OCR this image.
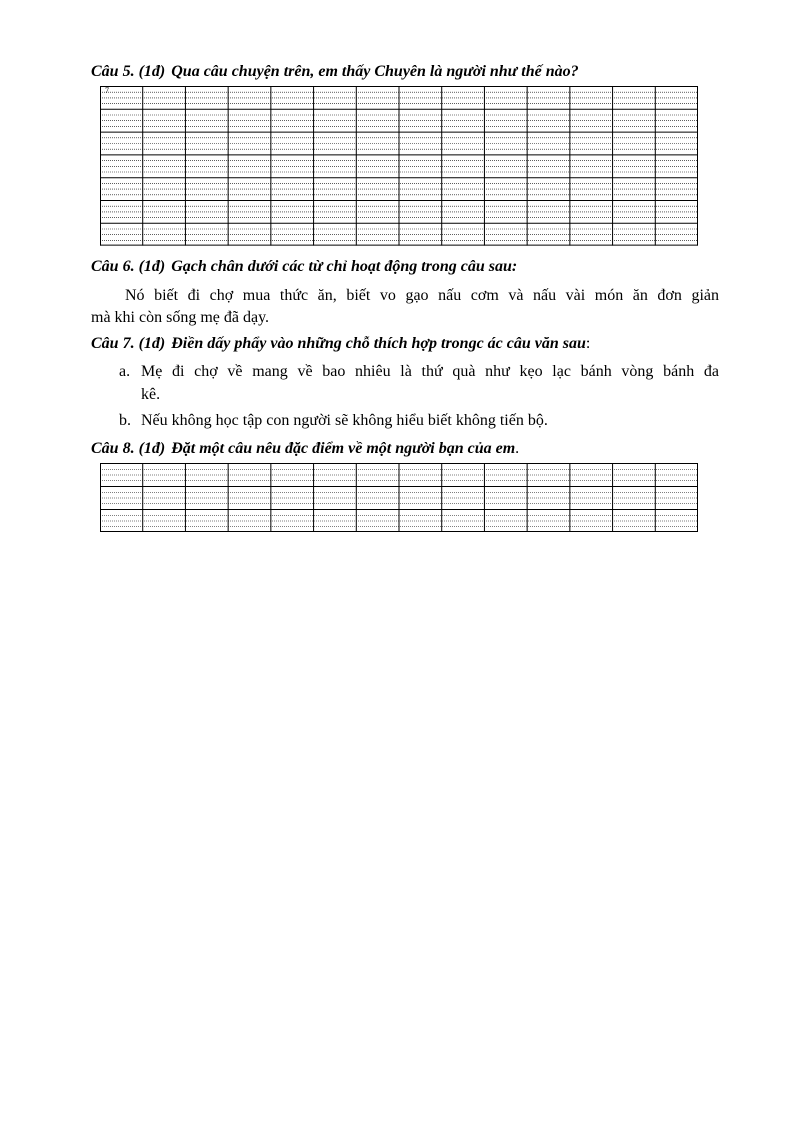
Câu 5. (1đ) Qua câu chuyện trên, em thấy Chuyên là người như thế nào?
7
Câu 6. (1đ) Gạch chân dưới các từ chỉ hoạt động trong câu sau:
Nó biết đi chợ mua thức ăn, biết vo gạo nấu cơm và nấu vài món ăn đơn giản
mà khi còn sống mẹ đã dạy.
Câu 7. (1đ) Điền dấy phẩy vào những chỗ thích hợp trongc ác câu văn sau:
a. Mẹ đi chợ về mang về bao nhiêu là thứ quà như kẹo lạc bánh vòng bánh đa
kê.
b. Nếu không học tập con người sẽ không hiểu biết không tiến bộ.
Câu 8. (1đ) Đặt một câu nêu đặc điểm về một người bạn của em.
